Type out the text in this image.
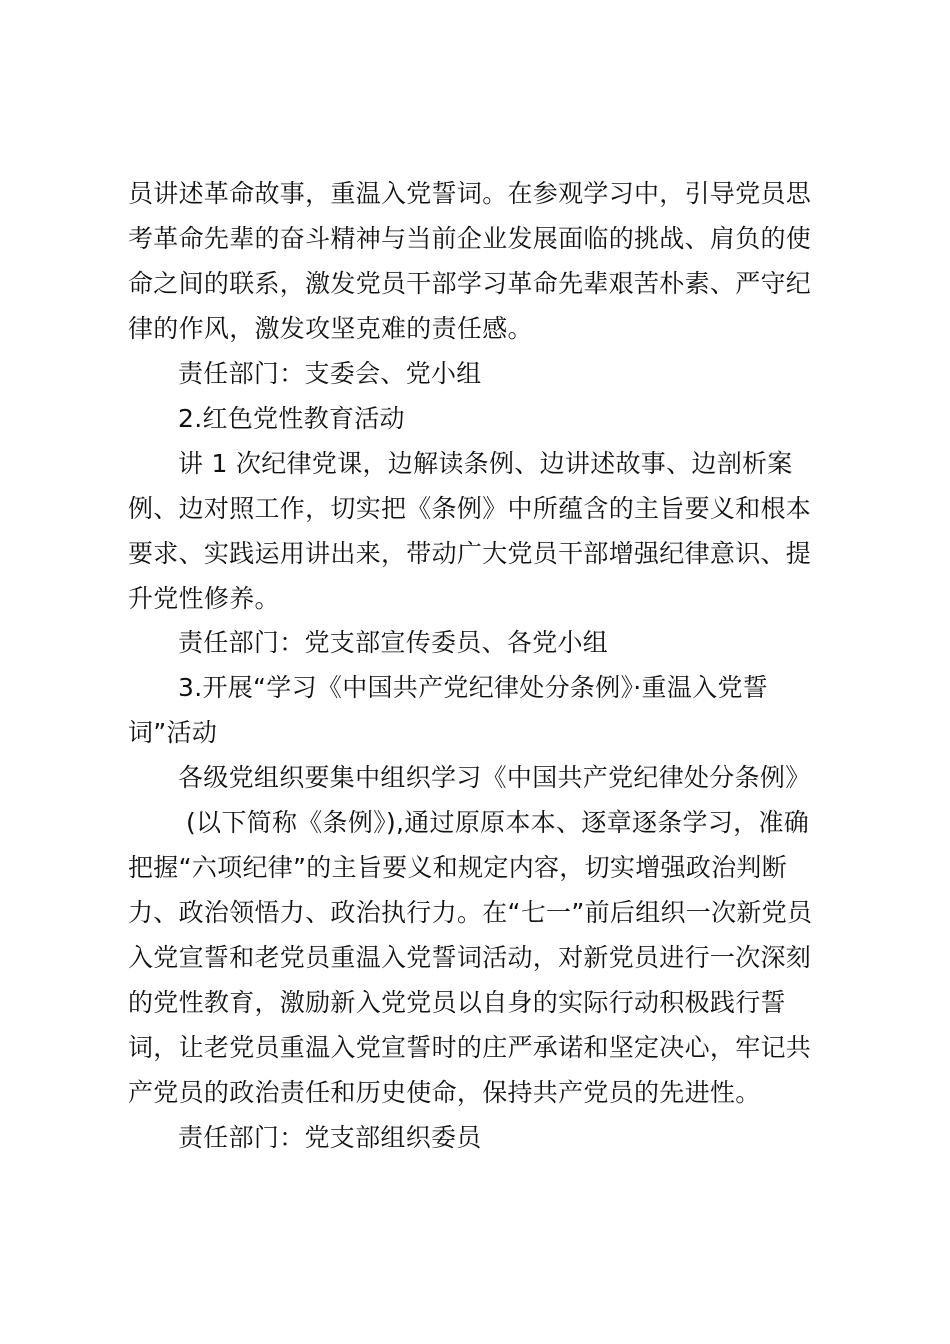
员讲述革命故事，重温入党誓词。在参观学习中，引导党员思
考革命先辈的奋斗精神与当前企业发展面临的挑战、肩负的使
命之间的联系，激发党员干部学习革命先辈艰苦朴素、严守纪
律的作风，激发攻坚克难的责任感。
责任部门：支委会、党小组
2.红色党性教育活动
讲 1 次纪律党课，边解读条例、边讲述故事、边剖析案
例、边对照工作，切实把《条例》中所蕴含的主旨要义和根本
要求、实践运用讲出来，带动广大党员干部增强纪律意识、提
升党性修养。
责任部门：党支部宣传委员、各党小组
3.开展“学习《中国共产党纪律处分条例》·重温入党誓
词”活动
各级党组织要集中组织学习《中国共产党纪律处分条例》
(以下简称《条例》),通过原原本本、逐章逐条学习，准确
把握“六项纪律”的主旨要义和规定内容，切实增强政治判断
力、政治领悟力、政治执行力。在“七一”前后组织一次新党员
入党宣誓和老党员重温入党誓词活动，对新党员进行一次深刻
的党性教育，激励新入党党员以自身的实际行动积极践行誓
词，让老党员重温入党宣誓时的庄严承诺和坚定决心，牢记共
产党员的政治责任和历史使命，保持共产党员的先进性。
责任部门：党支部组织委员
